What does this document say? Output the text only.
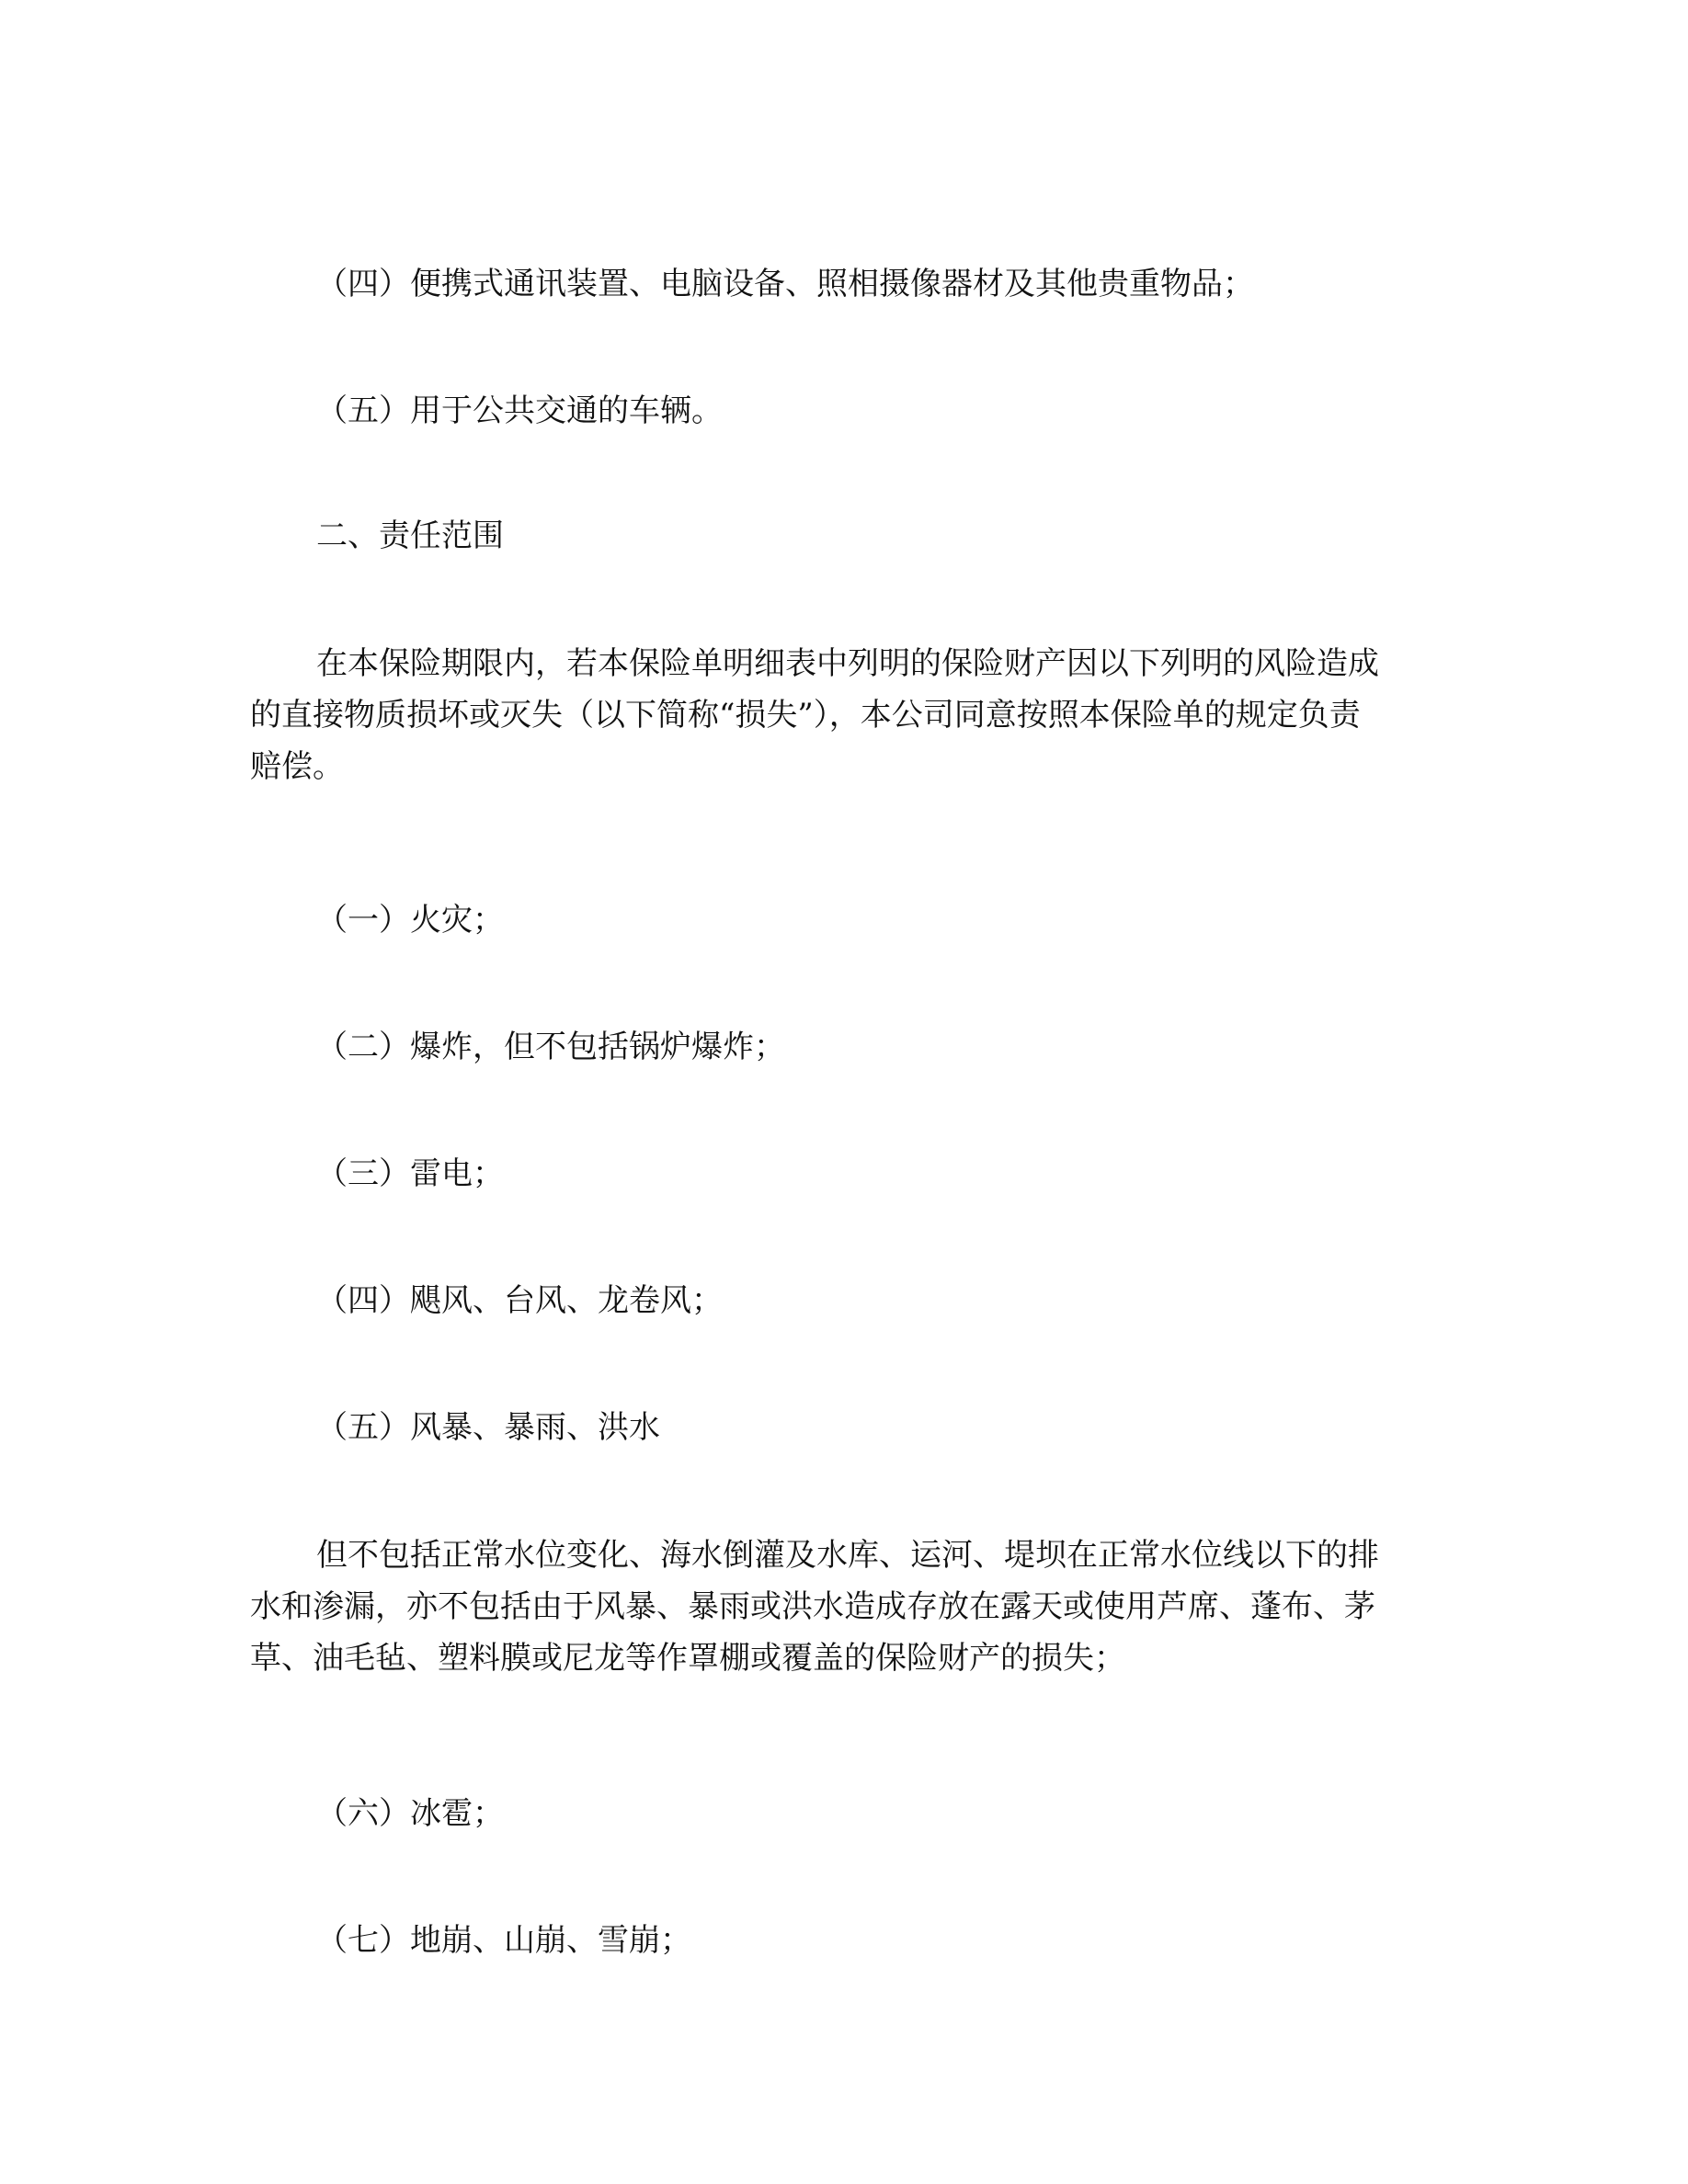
（四）便携式通讯装置、电脑设备、照相摄像器材及其他贵重物品；
（五）用于公共交通的车辆。
二、责任范围
在本保险期限内，若本保险单明细表中列明的保险财产因以下列明的风险造成
的直接物质损坏或灭失（以下简称“损失”），本公司同意按照本保险单的规定负责
赔偿。
（一）火灾；
（二）爆炸，但不包括锅炉爆炸；
（三）雷电；
（四）飓风、台风、龙卷风；
（五）风暴、暴雨、洪水
但不包括正常水位变化、海水倒灌及水库、运河、堤坝在正常水位线以下的排
水和渗漏，亦不包括由于风暴、暴雨或洪水造成存放在露天或使用芦席、蓬布、茅
草、油毛毡、塑料膜或尼龙等作罩棚或覆盖的保险财产的损失；
（六）冰雹；
（七）地崩、山崩、雪崩；
